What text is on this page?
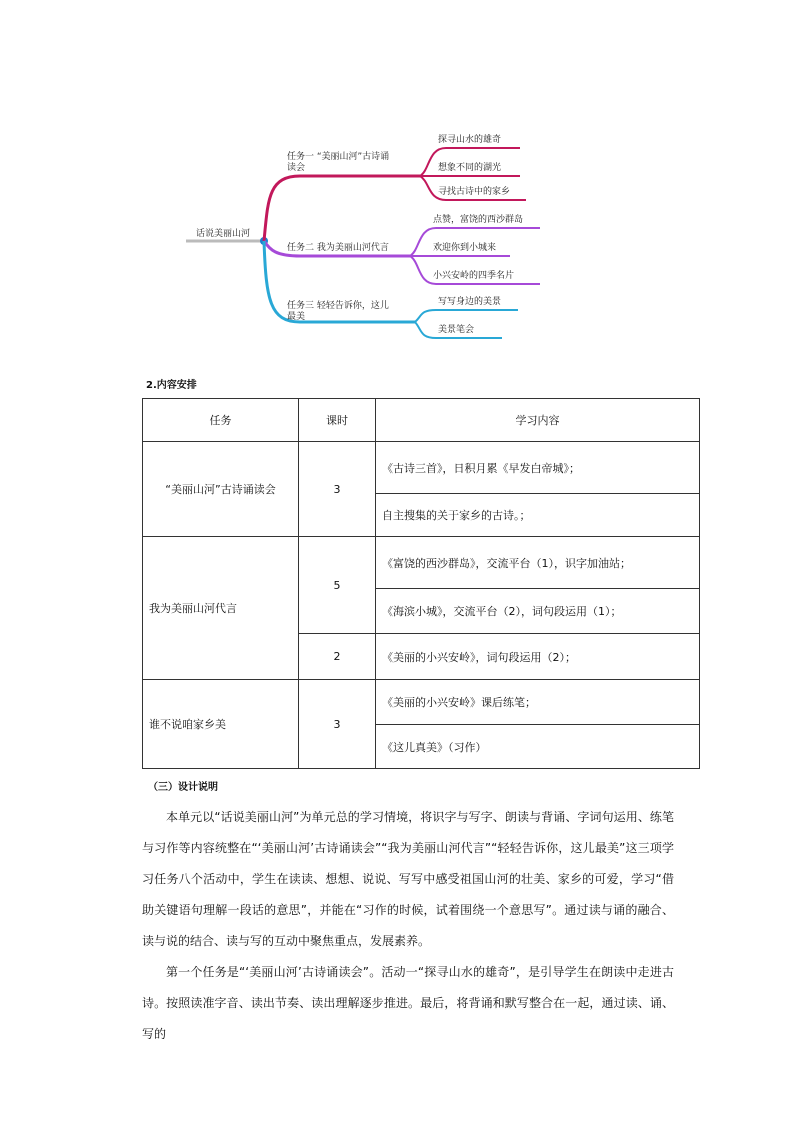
话说美丽山河
任务一 “美丽山河”古诗诵
读会
探寻山水的雄奇
想象不同的湖光
寻找古诗中的家乡
任务二 我为美丽山河代言
点赞，富饶的西沙群岛
欢迎你到小城来
小兴安岭的四季名片
任务三 轻轻告诉你，这儿
最美
写写身边的美景
美景笔会
2.内容安排
任务	课时	学习内容
“美丽山河”古诗诵读会	3	《古诗三首》，日积月累《早发白帝城》；
		自主搜集的关于家乡的古诗。；
我为美丽山河代言	5	《富饶的西沙群岛》，交流平台（1），识字加油站；
		《海滨小城》，交流平台（2），词句段运用（1）；
	2	《美丽的小兴安岭》，词句段运用（2）；
谁不说咱家乡美	3	《美丽的小兴安岭》课后练笔；
		《这儿真美》（习作）
（三）设计说明

本单元以“话说美丽山河”为单元总的学习情境，将识字与写字、朗读与背诵、字词句运用、练笔与习作等内容统整在“‘美丽山河’古诗诵读会”“我为美丽山河代言”“轻轻告诉你，这儿最美”这三项学习任务八个活动中，学生在读读、想想、说说、写写中感受祖国山河的壮美、家乡的可爱，学习“借助关键语句理解一段话的意思”，并能在“习作的时候，试着围绕一个意思写”。通过读与诵的融合、读与说的结合、读与写的互动中聚焦重点，发展素养。

第一个任务是“‘美丽山河’古诗诵读会”。活动一“探寻山水的雄奇”，是引导学生在朗读中走进古诗。按照读准字音、读出节奏、读出理解逐步推进。最后，将背诵和默写整合在一起，通过读、诵、写的
